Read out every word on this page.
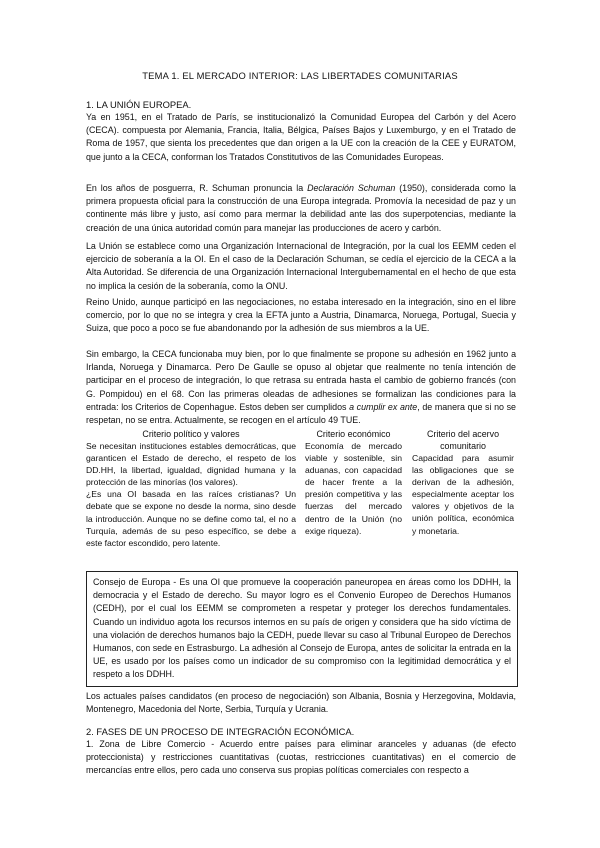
TEMA 1. EL MERCADO INTERIOR: LAS LIBERTADES COMUNITARIAS
1. LA UNIÓN EUROPEA.

Ya en 1951, en el Tratado de París, se institucionalizó la Comunidad Europea del Carbón y del Acero (CECA). compuesta por Alemania, Francia, Italia, Bélgica, Países Bajos y Luxemburgo, y en el Tratado de Roma de 1957, que sienta los precedentes que dan origen a la UE con la creación de la CEE y EURATOM, que junto a la CECA, conforman los Tratados Constitutivos de las Comunidades Europeas.

En los años de posguerra, R. Schuman pronuncia la Declaración Schuman (1950), considerada como la primera propuesta oficial para la construcción de una Europa integrada. Promovía la necesidad de paz y un continente más libre y justo, así como para mermar la debilidad ante las dos superpotencias, mediante la creación de una única autoridad común para manejar las producciones de acero y carbón.

La Unión se establece como una Organización Internacional de Integración, por la cual los EEMM ceden el ejercicio de soberanía a la OI. En el caso de la Declaración Schuman, se cedía el ejercicio de la CECA a la Alta Autoridad. Se diferencia de una Organización Internacional Intergubernamental en el hecho de que esta no implica la cesión de la soberanía, como la ONU.

Reino Unido, aunque participó en las negociaciones, no estaba interesado en la integración, sino en el libre comercio, por lo que no se integra y crea la EFTA junto a Austria, Dinamarca, Noruega, Portugal, Suecia y Suiza, que poco a poco se fue abandonando por la adhesión de sus miembros a la UE.

Sin embargo, la CECA funcionaba muy bien, por lo que finalmente se propone su adhesión en 1962 junto a Irlanda, Noruega y Dinamarca. Pero De Gaulle se opuso al objetar que realmente no tenía intención de participar en el proceso de integración, lo que retrasa su entrada hasta el cambio de gobierno francés (con G. Pompidou) en el 68. Con las primeras oleadas de adhesiones se formalizan las condiciones para la entrada: los Criterios de Copenhague. Estos deben ser cumplidos a cumplir ex ante, de manera que si no se respetan, no se entra. Actualmente, se recogen en el artículo 49 TUE.

Criterio político y valores

Se necesitan instituciones estables democráticas, que garanticen el Estado de derecho, el respeto de los DD.HH, la libertad, igualdad, dignidad humana y la protección de las minorías (los valores).

¿Es una OI basada en las raíces cristianas? Un debate que se expone no desde la norma, sino desde la introducción. Aunque no se define como tal, el no a Turquía, además de su peso específico, se debe a este factor escondido, pero latente.

Criterio económico

Economía de mercado viable y sostenible, sin aduanas, con capacidad de hacer frente a la presión competitiva y las fuerzas del mercado dentro de la Unión (no exige riqueza).

Criterio del acervo comunitario

Capacidad para asumir las obligaciones que se derivan de la adhesión, especialmente aceptar los valores y objetivos de la unión política, económica y monetaria.

Consejo de Europa - Es una OI que promueve la cooperación paneuropea en áreas como los DDHH, la democracia y el Estado de derecho. Su mayor logro es el Convenio Europeo de Derechos Humanos (CEDH), por el cual los EEMM se comprometen a respetar y proteger los derechos fundamentales. Cuando un individuo agota los recursos internos en su país de origen y considera que ha sido víctima de una violación de derechos humanos bajo la CEDH, puede llevar su caso al Tribunal Europeo de Derechos Humanos, con sede en Estrasburgo. La adhesión al Consejo de Europa, antes de solicitar la entrada en la UE, es usado por los países como un indicador de su compromiso con la legitimidad democrática y el respeto a los DDHH.

Los actuales países candidatos (en proceso de negociación) son Albania, Bosnia y Herzegovina, Moldavia, Montenegro, Macedonia del Norte, Serbia, Turquía y Ucrania.

2. FASES DE UN PROCESO DE INTEGRACIÓN ECONÓMICA.

1. Zona de Libre Comercio - Acuerdo entre países para eliminar aranceles y aduanas (de efecto proteccionista) y restricciones cuantitativas (cuotas, restricciones cuantitativas) en el comercio de mercancías entre ellos, pero cada uno conserva sus propias políticas comerciales con respecto a
